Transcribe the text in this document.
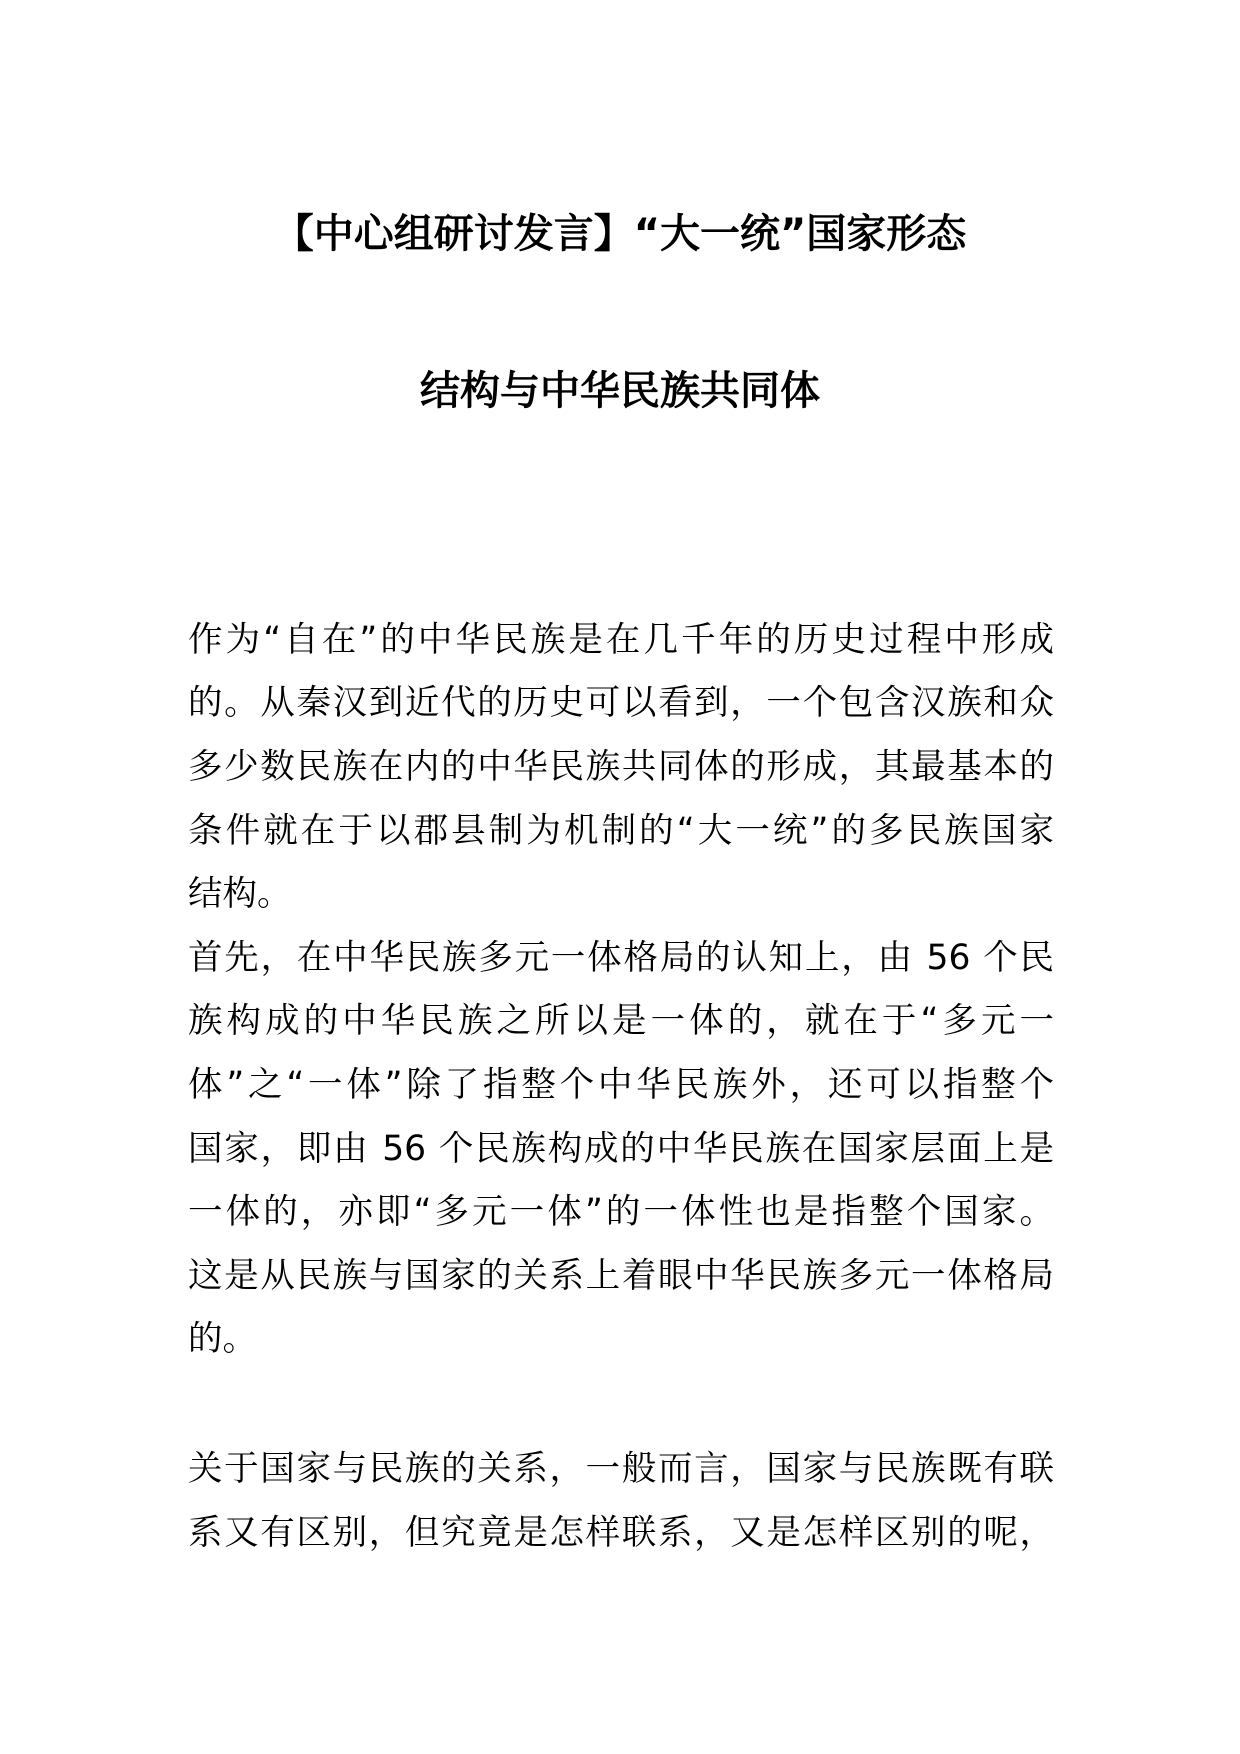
【中心组研讨发言】“大一统”国家形态
结构与中华民族共同体
作为“自在”的中华民族是在几千年的历史过程中形成
的。从秦汉到近代的历史可以看到，一个包含汉族和众
多少数民族在内的中华民族共同体的形成，其最基本的
条件就在于以郡县制为机制的“大一统”的多民族国家
结构。
首先，在中华民族多元一体格局的认知上，由 56 个民
族构成的中华民族之所以是一体的，就在于“多元一
体”之“一体”除了指整个中华民族外，还可以指整个
国家，即由 56 个民族构成的中华民族在国家层面上是
一体的，亦即“多元一体”的一体性也是指整个国家。
这是从民族与国家的关系上着眼中华民族多元一体格局
的。
关于国家与民族的关系，一般而言，国家与民族既有联
系又有区别，但究竟是怎样联系，又是怎样区别的呢，
